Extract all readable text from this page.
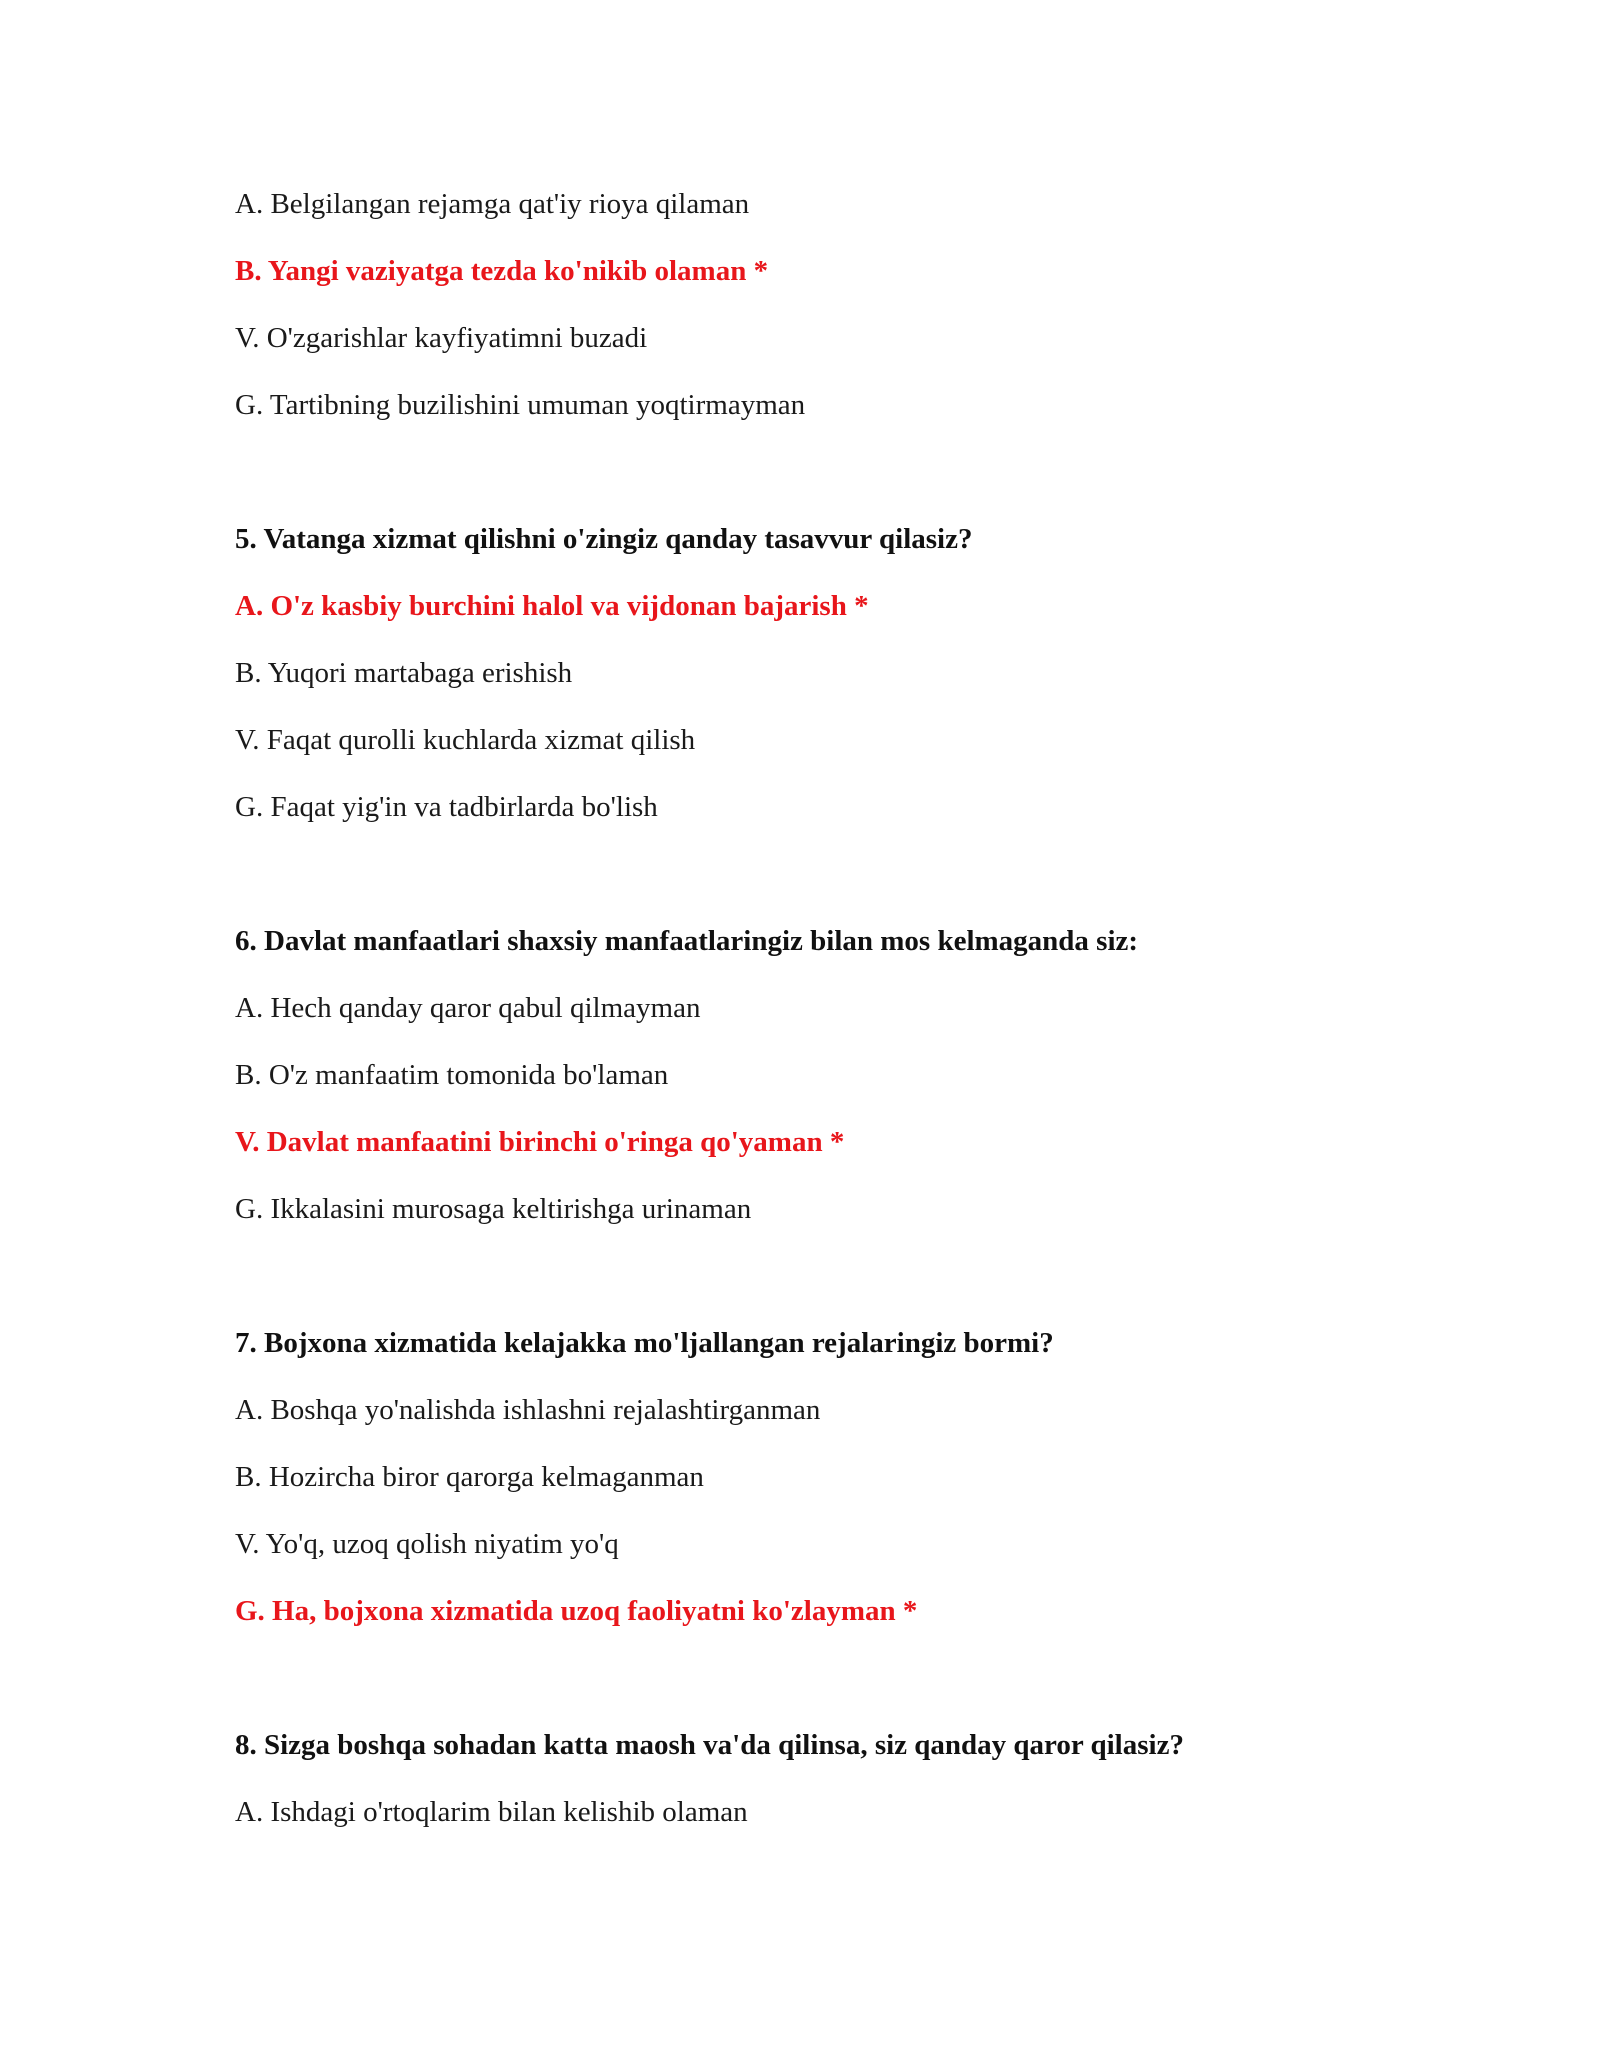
A. Belgilangan rejamga qat'iy rioya qilaman
B. Yangi vaziyatga tezda ko'nikib olaman *
V. O'zgarishlar kayfiyatimni buzadi
G. Tartibning buzilishini umuman yoqtirmayman
5. Vatanga xizmat qilishni o'zingiz qanday tasavvur qilasiz?
A. O'z kasbiy burchini halol va vijdonan bajarish *
B. Yuqori martabaga erishish
V. Faqat qurolli kuchlarda xizmat qilish
G. Faqat yig'in va tadbirlarda bo'lish
6. Davlat manfaatlari shaxsiy manfaatlaringiz bilan mos kelmaganda siz:
A. Hech qanday qaror qabul qilmayman
B. O'z manfaatim tomonida bo'laman
V. Davlat manfaatini birinchi o'ringa qo'yaman *
G. Ikkalasini murosaga keltirishga urinaman
7. Bojxona xizmatida kelajakka mo'ljallangan rejalaringiz bormi?
A. Boshqa yo'nalishda ishlashni rejalashtirganman
B. Hozircha biror qarorga kelmaganman
V. Yo'q, uzoq qolish niyatim yo'q
G. Ha, bojxona xizmatida uzoq faoliyatni ko'zlayman *
8. Sizga boshqa sohadan katta maosh va'da qilinsa, siz qanday qaror qilasiz?
A. Ishdagi o'rtoqlarim bilan kelishib olaman
